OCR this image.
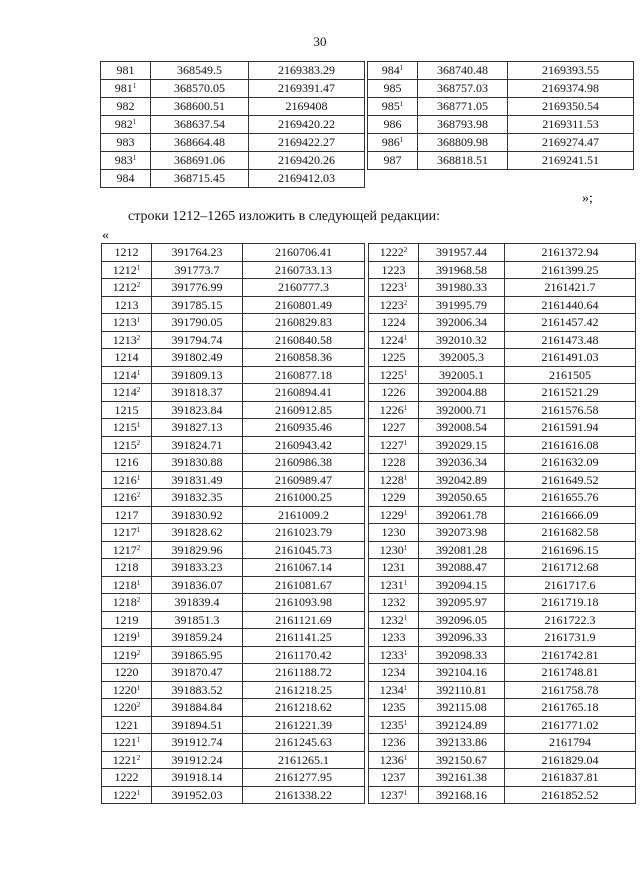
30
981	368549.5	2169383.29
$981^1$	368570.05	2169391.47
982	368600.51	2169408
$982^1$	368637.54	2169420.22
983	368664.48	2169422.27
$983^1$	368691.06	2169420.26
984	368715.45	2169412.03
$984^1$	368740.48	2169393.55
985	368757.03	2169374.98
$985^1$	368771.05	2169350.54
986	368793.98	2169311.53
$986^1$	368809.98	2169274.47
987	368818.51	2169241.51
»;
строки 1212–1265 изложить в следующей редакции:
«
1212	391764.23	2160706.41
1212$^1$	391773.7	2160733.13
1212$^2$	391776.99	2160777.3
1213	391785.15	2160801.49
1213$^1$	391790.05	2160829.83
1213$^2$	391794.74	2160840.58
1214	391802.49	2160858.36
1214$^1$	391809.13	2160877.18
1214$^2$	391818.37	2160894.41
1215	391823.84	2160912.85
1215$^1$	391827.13	2160935.46
1215$^2$	391824.71	2160943.42
1216	391830.88	2160986.38
1216$^1$	391831.49	2160989.47
1216$^2$	391832.35	2161000.25
1217	391830.92	2161009.2
1217$^1$	391828.62	2161023.79
1217$^2$	391829.96	2161045.73
1218	391833.23	2161067.14
1218$^1$	391836.07	2161081.67
1218$^2$	391839.4	2161093.98
1219	391851.3	2161121.69
1219$^1$	391859.24	2161141.25
1219$^2$	391865.95	2161170.42
1220	391870.47	2161188.72
1220$^1$	391883.52	2161218.25
1220$^2$	391884.84	2161218.62
1221	391894.51	2161221.39
1221$^1$	391912.74	2161245.63
1221$^2$	391912.24	2161265.1
1222	391918.14	2161277.95
1222$^1$	391952.03	2161338.22
1222$^2$	391957.44	2161372.94
1223	391968.58	2161399.25
1223$^1$	391980.33	2161421.7
1223$^2$	391995.79	2161440.64
1224	392006.34	2161457.42
1224$^1$	392010.32	2161473.48
1225	392005.3	2161491.03
1225$^1$	392005.1	2161505
1226	392004.88	2161521.29
1226$^1$	392000.71	2161576.58
1227	392008.54	2161591.94
1227$^1$	392029.15	2161616.08
1228	392036.34	2161632.09
1228$^1$	392042.89	2161649.52
1229	392050.65	2161655.76
1229$^1$	392061.78	2161666.09
1230	392073.98	2161682.58
1230$^1$	392081.28	2161696.15
1231	392088.47	2161712.68
1231$^1$	392094.15	2161717.6
1232	392095.97	2161719.18
1232$^1$	392096.05	2161722.3
1233	392096.33	2161731.9
1233$^1$	392098.33	2161742.81
1234	392104.16	2161748.81
1234$^1$	392110.81	2161758.78
1235	392115.08	2161765.18
1235$^1$	392124.89	2161771.02
1236	392133.86	2161794
1236$^1$	392150.67	2161829.04
1237	392161.38	2161837.81
1237$^1$	392168.16	2161852.52
